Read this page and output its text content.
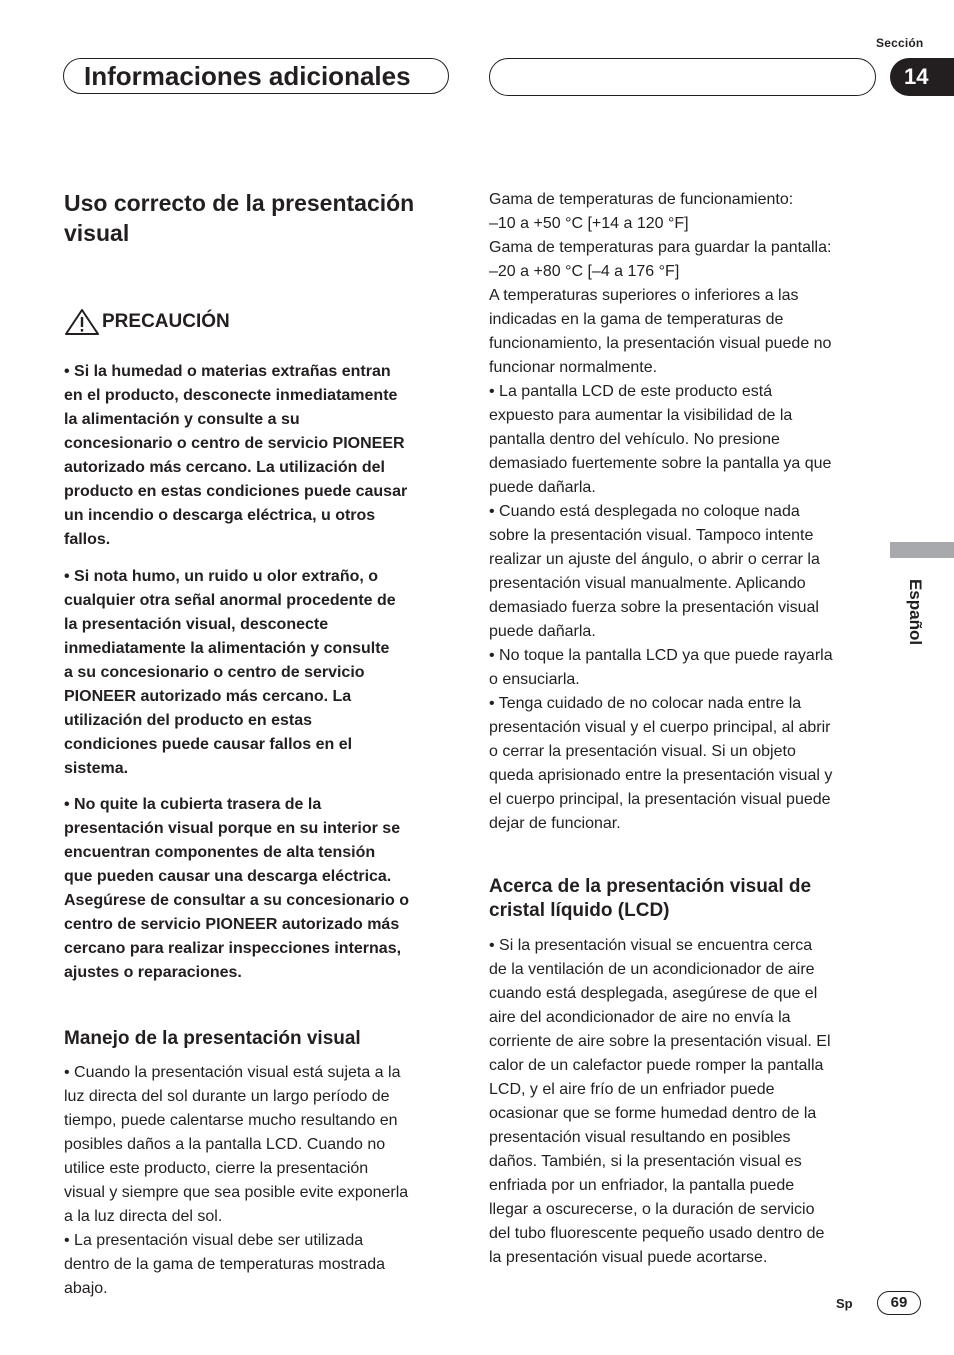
Sección
Informaciones adicionales	14
Español
Uso correcto de la presentación visual
PRECAUCIÓN
• Si la humedad o materias extrañas entran
en el producto, desconecte inmediatamente
la alimentación y consulte a su
concesionario o centro de servicio PIONEER
autorizado más cercano. La utilización del
producto en estas condiciones puede causar
un incendio o descarga eléctrica, u otros
fallos.
• Si nota humo, un ruido u olor extraño, o
cualquier otra señal anormal procedente de
la presentación visual, desconecte
inmediatamente la alimentación y consulte
a su concesionario o centro de servicio
PIONEER autorizado más cercano. La
utilización del producto en estas
condiciones puede causar fallos en el
sistema.
• No quite la cubierta trasera de la
presentación visual porque en su interior se
encuentran componentes de alta tensión
que pueden causar una descarga eléctrica.
Asegúrese de consultar a su concesionario o
centro de servicio PIONEER autorizado más
cercano para realizar inspecciones internas,
ajustes o reparaciones.
Manejo de la presentación visual
• Cuando la presentación visual está sujeta a la
luz directa del sol durante un largo período de
tiempo, puede calentarse mucho resultando en
posibles daños a la pantalla LCD. Cuando no
utilice este producto, cierre la presentación
visual y siempre que sea posible evite exponerla
a la luz directa del sol.
• La presentación visual debe ser utilizada
dentro de la gama de temperaturas mostrada
abajo.
Gama de temperaturas de funcionamiento:
–10 a +50 °C [+14 a 120 °F]
Gama de temperaturas para guardar la pantalla:
–20 a +80 °C [–4 a 176 °F]
A temperaturas superiores o inferiores a las
indicadas en la gama de temperaturas de
funcionamiento, la presentación visual puede no
funcionar normalmente.
• La pantalla LCD de este producto está
expuesto para aumentar la visibilidad de la
pantalla dentro del vehículo. No presione
demasiado fuertemente sobre la pantalla ya que
puede dañarla.
• Cuando está desplegada no coloque nada
sobre la presentación visual. Tampoco intente
realizar un ajuste del ángulo, o abrir o cerrar la
presentación visual manualmente. Aplicando
demasiado fuerza sobre la presentación visual
puede dañarla.
• No toque la pantalla LCD ya que puede rayarla
o ensuciarla.
• Tenga cuidado de no colocar nada entre la
presentación visual y el cuerpo principal, al abrir
o cerrar la presentación visual. Si un objeto
queda aprisionado entre la presentación visual y
el cuerpo principal, la presentación visual puede
dejar de funcionar.
Acerca de la presentación visual de
cristal líquido (LCD)
• Si la presentación visual se encuentra cerca
de la ventilación de un acondicionador de aire
cuando está desplegada, asegúrese de que el
aire del acondicionador de aire no envía la
corriente de aire sobre la presentación visual. El
calor de un calefactor puede romper la pantalla
LCD, y el aire frío de un enfriador puede
ocasionar que se forme humedad dentro de la
presentación visual resultando en posibles
daños. También, si la presentación visual es
enfriada por un enfriador, la pantalla puede
llegar a oscurecerse, o la duración de servicio
del tubo fluorescente pequeño usado dentro de
la presentación visual puede acortarse.
Sp	69
